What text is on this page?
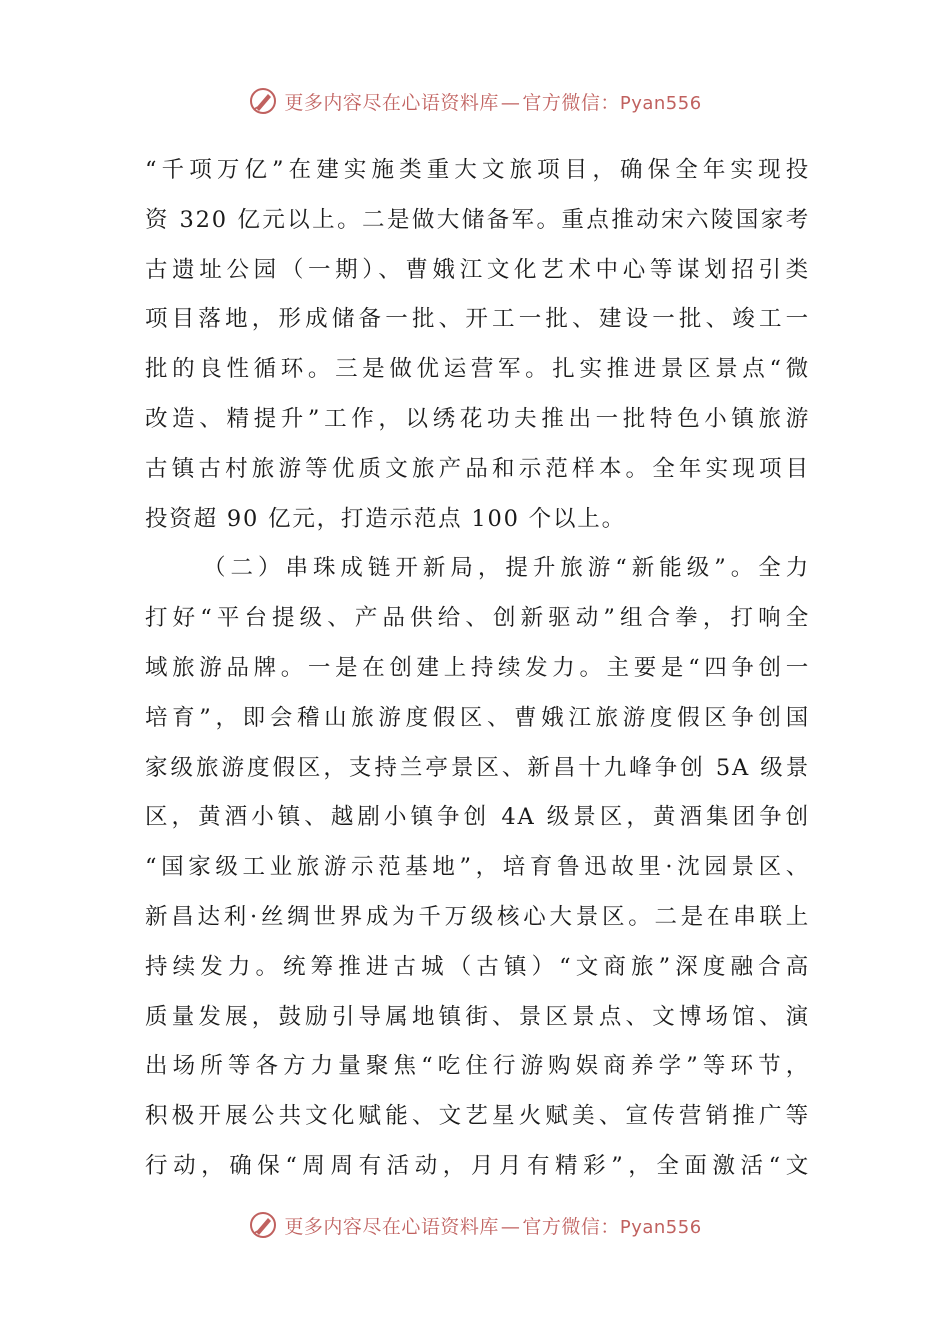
更多内容尽在心语资料库 — 官方微信：Pyan556
“千项万亿”在建实施类重大文旅项目，确保全年实现投
资 320 亿元以上。二是做大储备军。重点推动宋六陵国家考
古遗址公园（一期）、曹娥江文化艺术中心等谋划招引类
项目落地，形成储备一批、开工一批、建设一批、竣工一
批的良性循环。三是做优运营军。扎实推进景区景点“微
改造、精提升”工作，以绣花功夫推出一批特色小镇旅游
古镇古村旅游等优质文旅产品和示范样本。全年实现项目
投资超 90 亿元，打造示范点 100 个以上。
（二）串珠成链开新局，提升旅游“新能级”。全力
打好“平台提级、产品供给、创新驱动”组合拳，打响全
域旅游品牌。一是在创建上持续发力。主要是“四争创一
培育”，即会稽山旅游度假区、曹娥江旅游度假区争创国
家级旅游度假区，支持兰亭景区、新昌十九峰争创 5A 级景
区，黄酒小镇、越剧小镇争创 4A 级景区，黄酒集团争创
“国家级工业旅游示范基地”，培育鲁迅故里·沈园景区、
新昌达利·丝绸世界成为千万级核心大景区。二是在串联上
持续发力。统筹推进古城（古镇）“文商旅”深度融合高
质量发展，鼓励引导属地镇街、景区景点、文博场馆、演
出场所等各方力量聚焦“吃住行游购娱商养学”等环节，
积极开展公共文化赋能、文艺星火赋美、宣传营销推广等
行动，确保“周周有活动，月月有精彩”，全面激活“文
更多内容尽在心语资料库 — 官方微信：Pyan556
